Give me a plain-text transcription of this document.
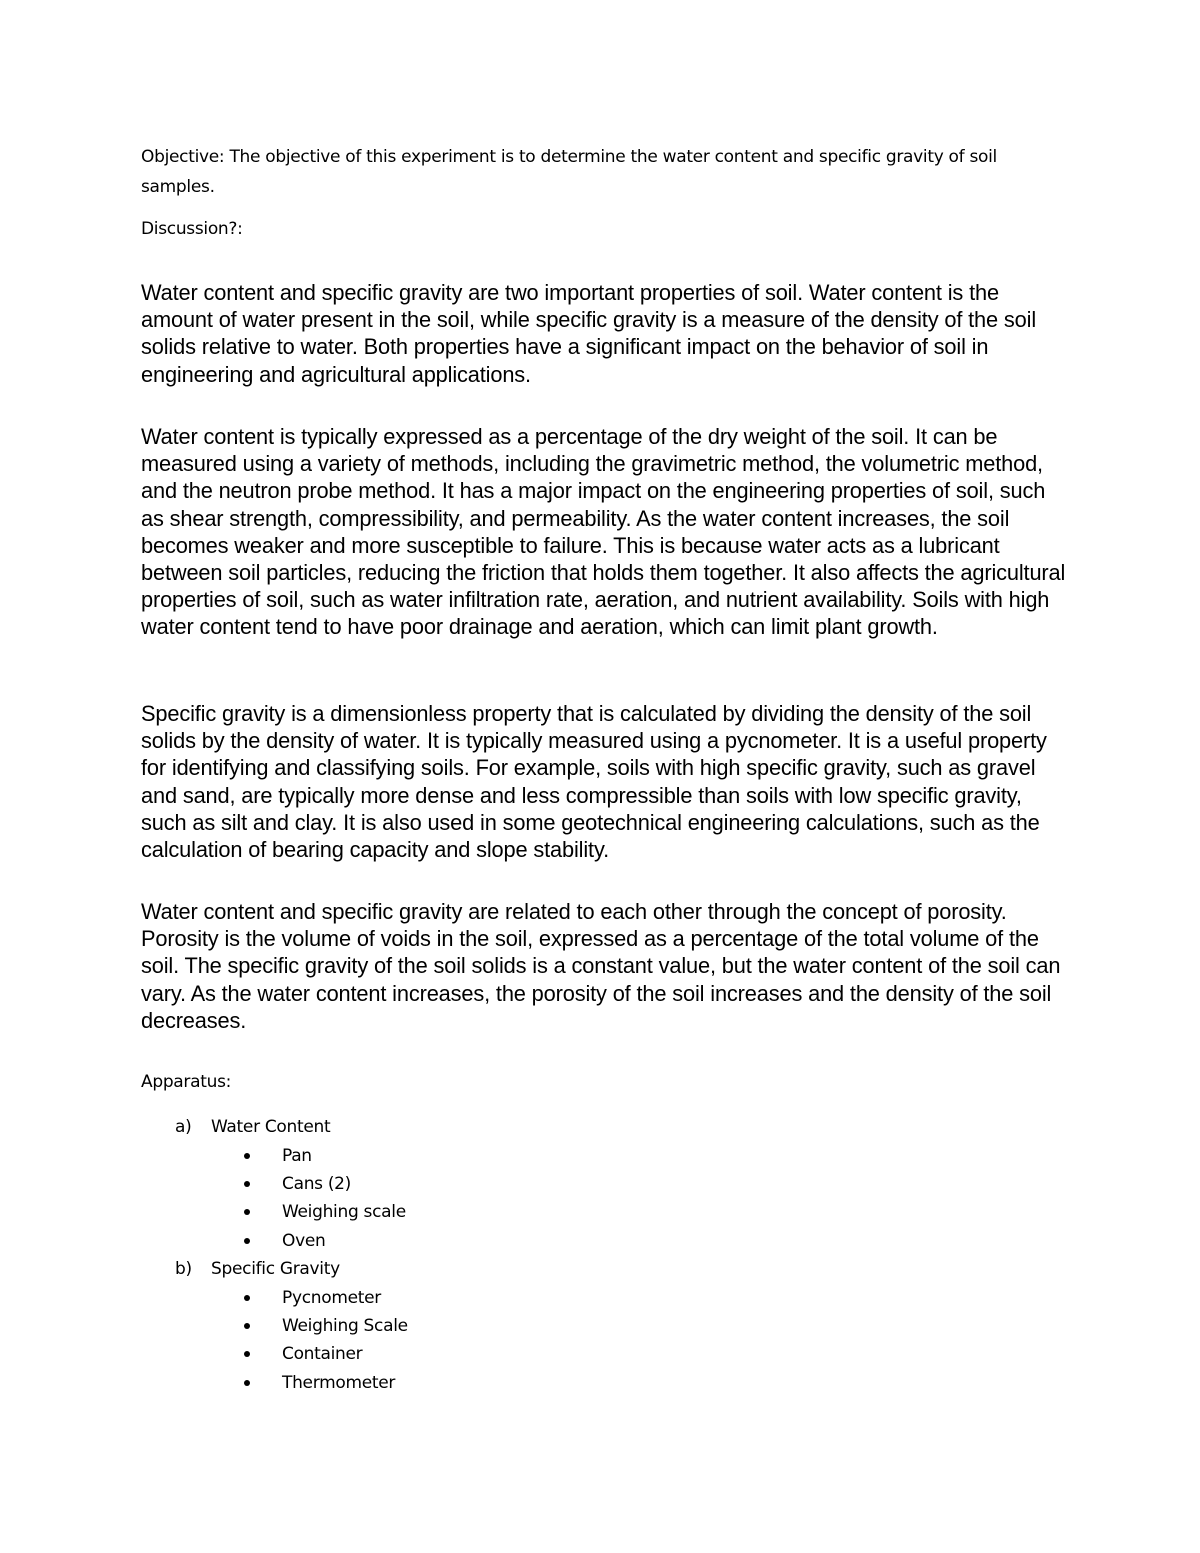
Objective: The objective of this experiment is to determine the water content and specific gravity of soil samples.

Discussion?:

Water content and specific gravity are two important properties of soil. Water content is the amount of water present in the soil, while specific gravity is a measure of the density of the soil solids relative to water. Both properties have a significant impact on the behavior of soil in engineering and agricultural applications.

Water content is typically expressed as a percentage of the dry weight of the soil. It can be measured using a variety of methods, including the gravimetric method, the volumetric method, and the neutron probe method. It has a major impact on the engineering properties of soil, such as shear strength, compressibility, and permeability. As the water content increases, the soil becomes weaker and more susceptible to failure. This is because water acts as a lubricant between soil particles, reducing the friction that holds them together. It also affects the agricultural properties of soil, such as water infiltration rate, aeration, and nutrient availability. Soils with high water content tend to have poor drainage and aeration, which can limit plant growth.

Specific gravity is a dimensionless property that is calculated by dividing the density of the soil solids by the density of water. It is typically measured using a pycnometer. It is a useful property for identifying and classifying soils. For example, soils with high specific gravity, such as gravel and sand, are typically more dense and less compressible than soils with low specific gravity, such as silt and clay. It is also used in some geotechnical engineering calculations, such as the calculation of bearing capacity and slope stability.

Water content and specific gravity are related to each other through the concept of porosity. Porosity is the volume of voids in the soil, expressed as a percentage of the total volume of the soil. The specific gravity of the soil solids is a constant value, but the water content of the soil can vary. As the water content increases, the porosity of the soil increases and the density of the soil decreases.

Apparatus:

a) Water Content
Pan
Cans (2)
Weighing scale
Oven
b) Specific Gravity
Pycnometer
Weighing Scale
Container
Thermometer
